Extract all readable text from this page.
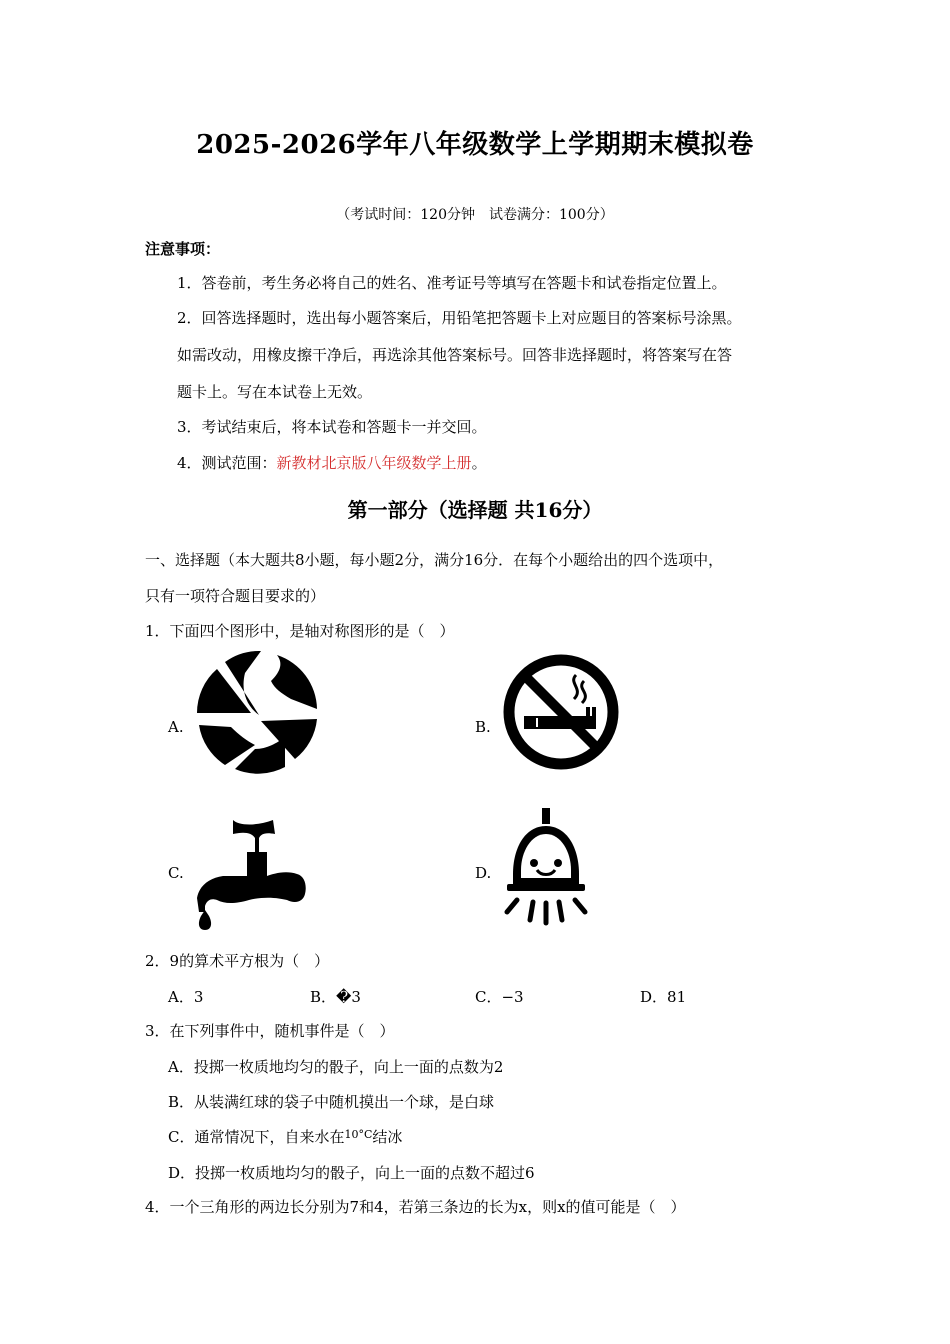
2025-2026学年八年级数学上学期期末模拟卷
（考试时间：120分钟　试卷满分：100分）
注意事项：
1．答卷前，考生务必将自己的姓名、准考证号等填写在答题卡和试卷指定位置上。
2．回答选择题时，选出每小题答案后，用铅笔把答题卡上对应题目的答案标号涂黑。
如需改动，用橡皮擦干净后，再选涂其他答案标号。回答非选择题时，将答案写在答
题卡上。写在本试卷上无效。
3．考试结束后，将本试卷和答题卡一并交回。
4．测试范围：新教材北京版八年级数学上册。
第一部分（选择题 共16分）
一、选择题（本大题共8小题，每小题2分，满分16分．在每个小题给出的四个选项中，
只有一项符合题目要求的）
1．下面四个图形中，是轴对称图形的是（　）
A.	B.
C.	D.
2．9的算术平方根为（　）
A．3	B．�3	C．−3	D．81
3．在下列事件中，随机事件是（　）
A．投掷一枚质地均匀的骰子，向上一面的点数为2
B．从装满红球的袋子中随机摸出一个球，是白球
C．通常情况下，自来水在$^{10^\circ C}$结冰
D．投掷一枚质地均匀的骰子，向上一面的点数不超过6
4．一个三角形的两边长分别为7和4，若第三条边的长为x，则x的值可能是（　）
